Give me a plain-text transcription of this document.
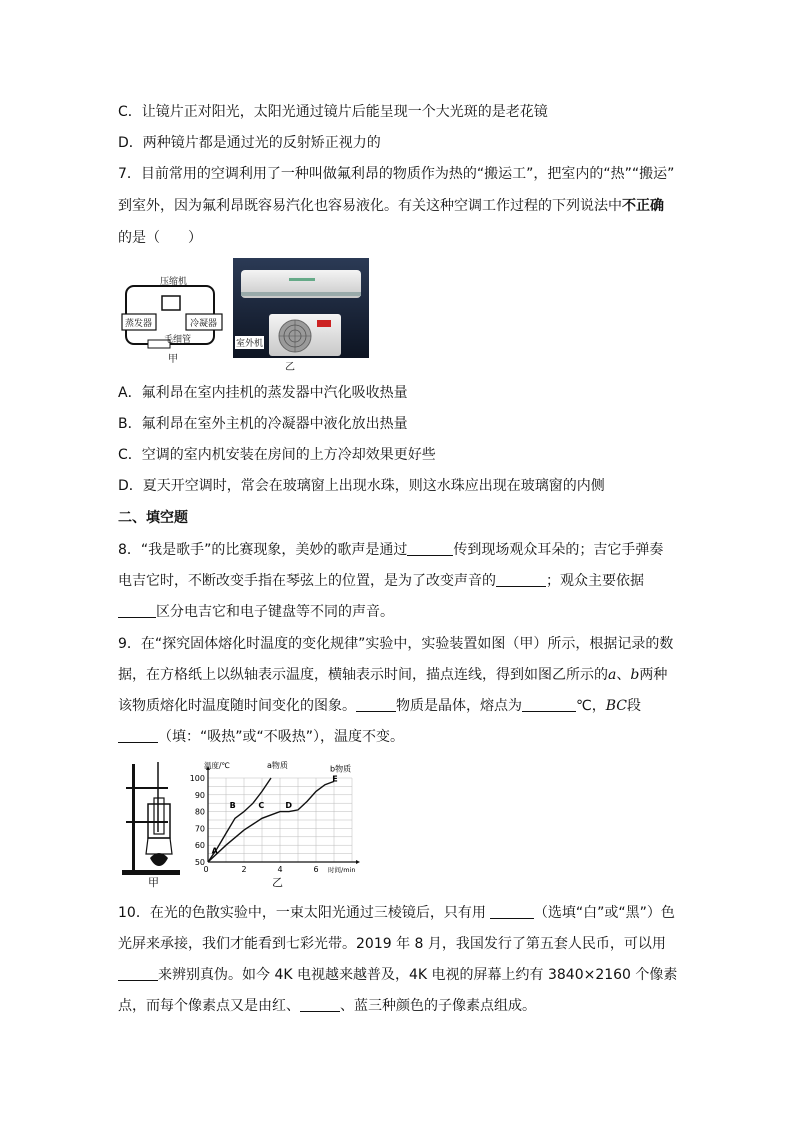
C．让镜片正对阳光，太阳光通过镜片后能呈现一个大光斑的是老花镜
D．两种镜片都是通过光的反射矫正视力的
7．目前常用的空调利用了一种叫做氟利昂的物质作为热的“搬运工”，把室内的“热”“搬运”
到室外，因为氟利昂既容易汽化也容易液化。有关这种空调工作过程的下列说法中不正确
的是（　　）
压缩机
蒸发器	冷凝器
毛细管
甲
室外机
乙
A．氟利昂在室内挂机的蒸发器中汽化吸收热量
B．氟利昂在室外主机的冷凝器中液化放出热量
C．空调的室内机安装在房间的上方冷却效果更好些
D．夏天开空调时，常会在玻璃窗上出现水珠，则这水珠应出现在玻璃窗的内侧
二、填空题
8．“我是歌手”的比赛现象，美妙的歌声是通过	传到现场观众耳朵的；吉它手弹奏
电吉它时，不断改变手指在琴弦上的位置，是为了改变声音的	；观众主要依据
区分电吉它和电子键盘等不同的声音。
9．在“探究固体熔化时温度的变化规律”实验中，实验装置如图（甲）所示，根据记录的数
据，在方格纸上以纵轴表示温度，横轴表示时间，描点连线，得到如图乙所示的a、b两种
该物质熔化时温度随时间变化的图象。	物质是晶体，熔点为	℃，BC段
（填：“吸热”或“不吸热”），温度不变。
甲
50
60
70
80
90
100
0	2	4	6
温度/℃
时间/min
a物质	b物质
A
B	C	D
E
乙
10．在光的色散实验中，一束太阳光通过三棱镜后，只有用	（选填“白”或“黑”）色
光屏来承接，我们才能看到七彩光带。2019 年 8 月，我国发行了第五套人民币，可以用
来辨别真伪。如今 4K 电视越来越普及，4K 电视的屏幕上约有 3840×2160 个像素
点，而每个像素点又是由红、	、蓝三种颜色的子像素点组成。
